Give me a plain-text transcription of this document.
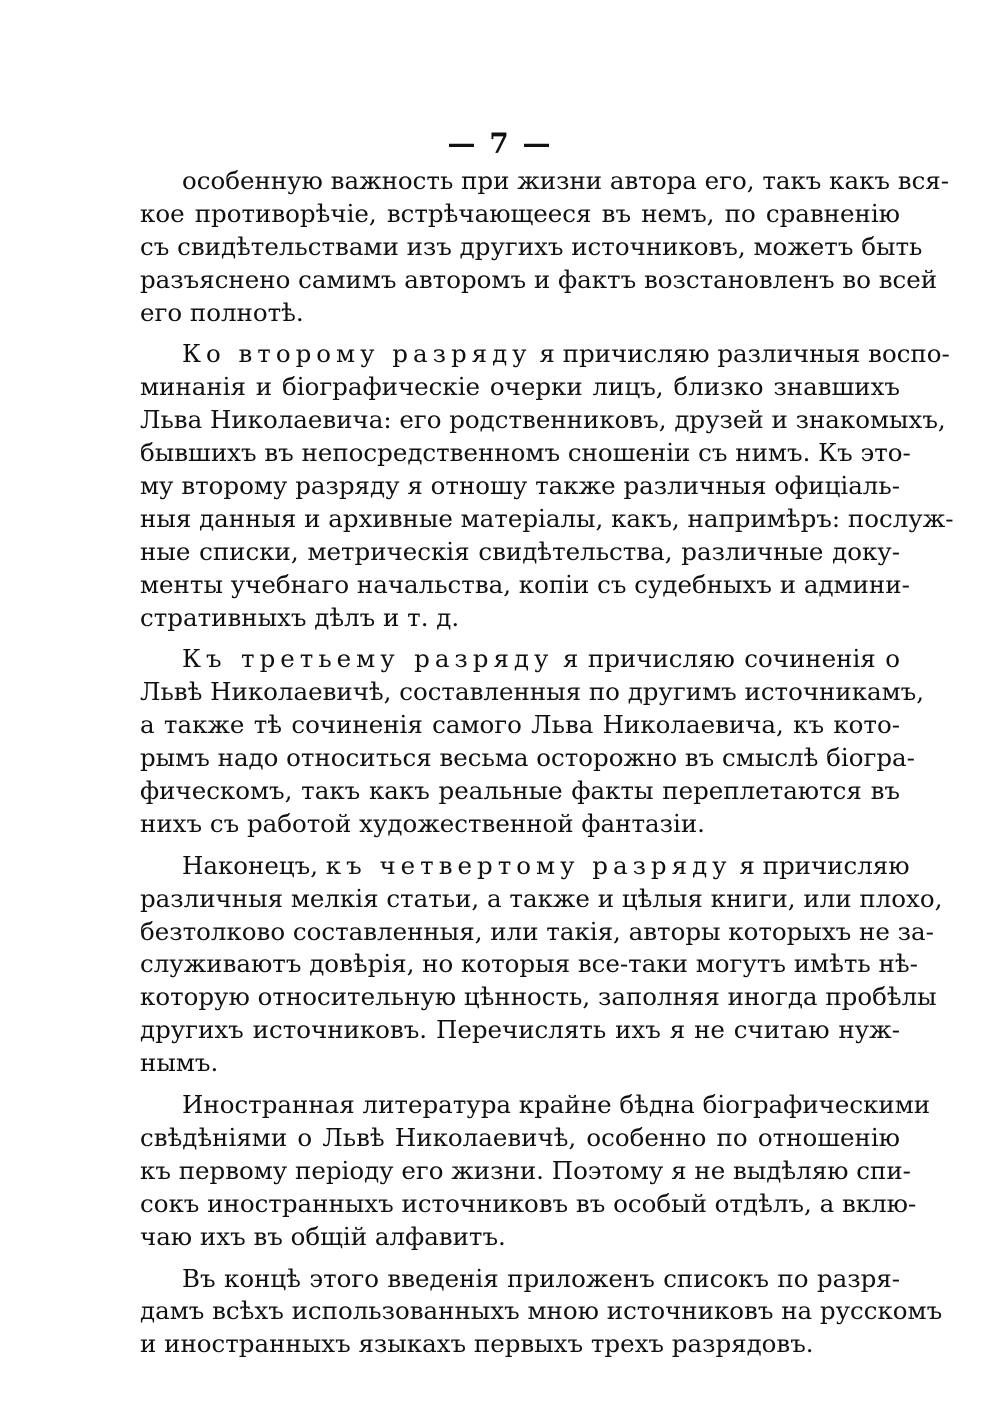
— 7 —
особенную важность при жизни автора его, такъ какъ вся-
кое противорѣчіе, встрѣчающееся въ немъ, по сравненію
съ свидѣтельствами изъ другихъ источниковъ, можетъ быть
разъяснено самимъ авторомъ и фактъ возстановленъ во всей
его полнотѣ.
Ко второму разряду я причисляю различныя воспо-
минанія и біографическіе очерки лицъ, близко знавшихъ
Льва Николаевича: его родственниковъ, друзей и знакомыхъ,
бывшихъ въ непосредственномъ сношеніи съ нимъ. Къ это-
му второму разряду я отношу также различныя офиціаль-
ныя данныя и архивные матеріалы, какъ, напримѣръ: послуж-
ные списки, метрическія свидѣтельства, различные доку-
менты учебнаго начальства, копіи съ судебныхъ и админи-
стративныхъ дѣлъ и т. д.
Къ третьему разряду я причисляю сочиненія о
Львѣ Николаевичѣ, составленныя по другимъ источникамъ,
а также тѣ сочиненія самого Льва Николаевича, къ кото-
рымъ надо относиться весьма осторожно въ смыслѣ біогра-
фическомъ, такъ какъ реальные факты переплетаются въ
нихъ съ работой художественной фантазіи.
Наконецъ, къ четвертому разряду я причисляю
различныя мелкія статьи, а также и цѣлыя книги, или плохо,
безтолково составленныя, или такія, авторы которыхъ не за-
служиваютъ довѣрія, но которыя все-таки могутъ имѣть нѣ-
которую относительную цѣнность, заполняя иногда пробѣлы
другихъ источниковъ. Перечислять ихъ я не считаю нуж-
нымъ.
Иностранная литература крайне бѣдна біографическими
свѣдѣніями о Львѣ Николаевичѣ, особенно по отношенію
къ первому періоду его жизни. Поэтому я не выдѣляю спи-
сокъ иностранныхъ источниковъ въ особый отдѣлъ, а вклю-
чаю ихъ въ общій алфавитъ.
Въ концѣ этого введенія приложенъ списокъ по разря-
дамъ всѣхъ использованныхъ мною источниковъ на русскомъ
и иностранныхъ языкахъ первыхъ трехъ разрядовъ.
